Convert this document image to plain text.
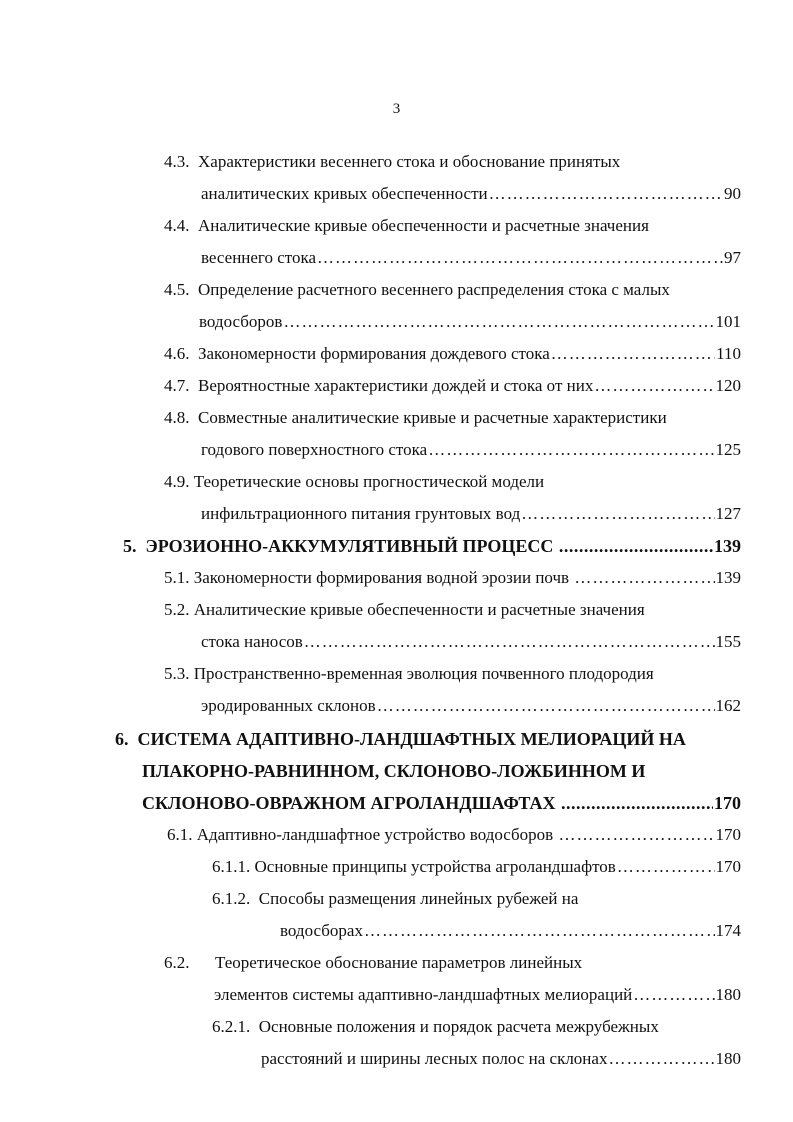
3
4.3. Характеристики весеннего стока и обоснование принятых
аналитических кривых обеспеченности ……………………………………………………………………………………………………………………………	90
4.4. Аналитические кривые обеспеченности и расчетные значения
весеннего стока ……………………………………………………………………………………………………………………………	97
4.5. Определение расчетного весеннего распределения стока с малых
водосборов ……………………………………………………………………………………………………………………………	101
4.6.
Закономерности формирования дождевого стока ……………………………………………………………………………………………………………………………	110
4.7.
Вероятностные характеристики дождей и стока от них ……………………………………………………………………………………………………………………………	120
4.8. Совместные аналитические кривые и расчетные характеристики
годового поверхностного стока ……………………………………………………………………………………………………………………………	125
4.9. Теоретические основы прогностической модели
инфильтрационного питания грунтовых вод ……………………………………………………………………………………………………………………………	127
5.
ЭРОЗИОННО-АККУМУЛЯТИВНЫЙ ПРОЦЕСС
.....	139
5.1.
Закономерности формирования водной эрозии почв
……………………………………………………………………………………………………………………………	139
5.2. Аналитические кривые обеспеченности и расчетные значения
стока наносов ……………………………………………………………………………………………………………………………	155
5.3. Пространственно-временная эволюция почвенного плодородия
эродированных склонов ……………………………………………………………………………………………………………………………	162
6. СИСТЕМА АДАПТИВНО-ЛАНДШАФТНЫХ МЕЛИОРАЦИЙ НА
ПЛАКОРНО-РАВНИННОМ, СКЛОНОВО-ЛОЖБИННОМ И
СКЛОНОВО-ОВРАЖНОМ АГРОЛАНДШАФТАХ
.....	170
6.1.
Адаптивно-ландшафтное устройство водосборов
……………………………………………………………………………………………………………………………	170
6.1.1.
Основные принципы устройства агроландшафтов ……………………………………………………………………………………………………………………………	170
6.1.2. Способы размещения линейных рубежей на
водосборах ……………………………………………………………………………………………………………………………	174
6.2. Теоретическое обоснование параметров линейных
элементов системы адаптивно-ландшафтных мелиораций ……………………………………………………………………………………………………………………………	180
6.2.1. Основные положения и порядок расчета межрубежных
расстояний и ширины лесных полос на склонах ……………………………………………………………………………………………………………………………	180
